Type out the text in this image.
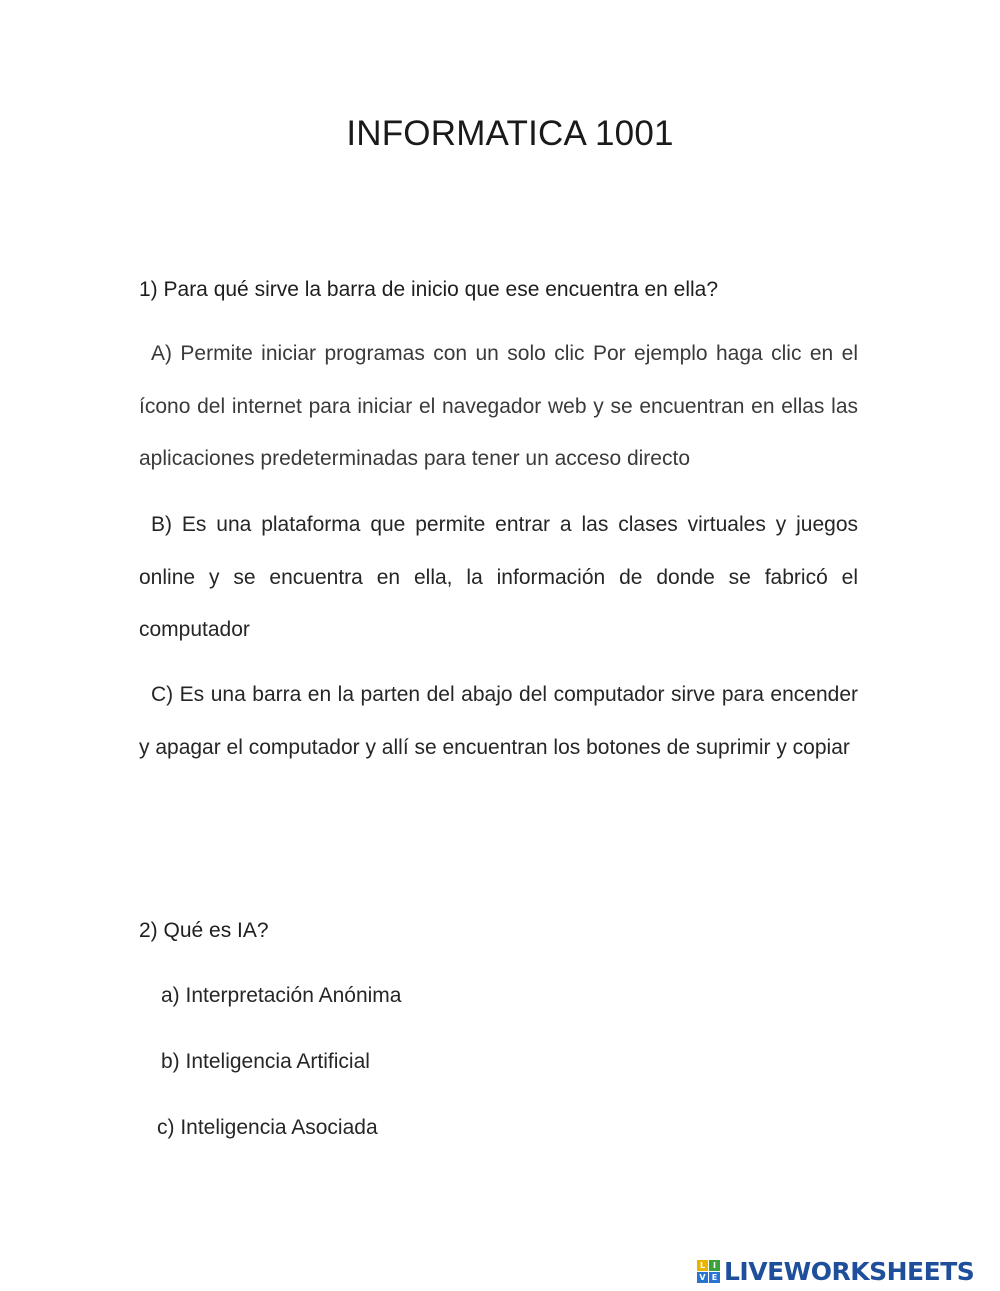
INFORMATICA 1001
1) Para qué sirve la barra de inicio que ese encuentra en ella?
A) Permite iniciar programas con un solo clic Por ejemplo haga clic en el ícono del internet para iniciar el navegador web y se encuentran en ellas las aplicaciones predeterminadas para tener un acceso directo
B) Es una plataforma que permite entrar a las clases virtuales y juegos online y se encuentra en ella, la información de donde se fabricó el computador
C) Es una barra en la parten del abajo del computador sirve para encender y apagar el computador y allí se encuentran los botones de suprimir y copiar
2) Qué es IA?
a) Interpretación Anónima
b) Inteligencia Artificial
c) Inteligencia Asociada
L I
V E LIVEWORKSHEETS
